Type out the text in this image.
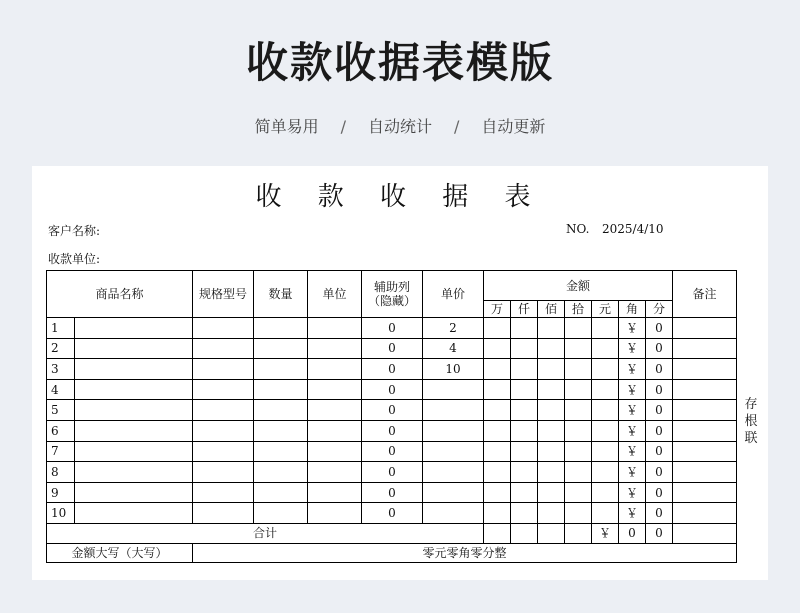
收款收据表模版
简单易用 / 自动统计 / 自动更新
收 款 收 据 表
客户名称:	NO. 2025/4/10
收款单位:
商品名称		规格型号	数量	单位	辅助列（隐藏）	单价	金额							备注
							万	仟	佰	拾	元	角	分	
1					0	2						￥	0	
2					0	4						￥	0	
3					0	10						￥	0	
4					0							￥	0	
5					0							￥	0	
6					0							￥	0	
7					0							￥	0	
8					0							￥	0	
9					0							￥	0	
10					0							￥	0	
合计											￥	0	0	
金额大写（大写）		零元零角零分整												
存根联
